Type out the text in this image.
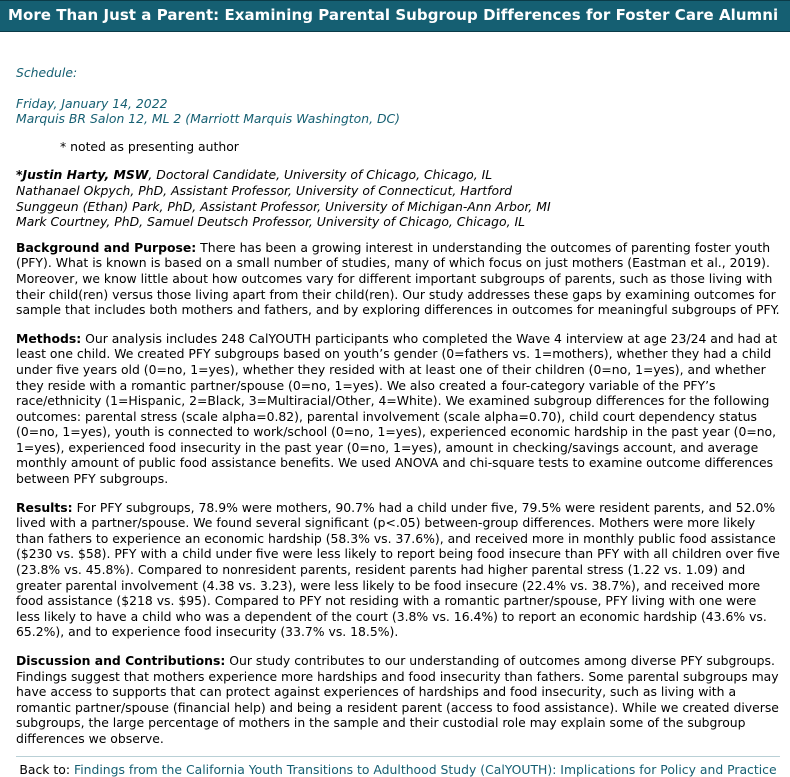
More Than Just a Parent: Examining Parental Subgroup Differences for Foster Care Alumni
Schedule:
Friday, January 14, 2022
Marquis BR Salon 12, ML 2 (Marriott Marquis Washington, DC)
* noted as presenting author
*Justin Harty, MSW, Doctoral Candidate, University of Chicago, Chicago, IL
Nathanael Okpych, PhD, Assistant Professor, University of Connecticut, Hartford
Sunggeun (Ethan) Park, PhD, Assistant Professor, University of Michigan-Ann Arbor, MI
Mark Courtney, PhD, Samuel Deutsch Professor, University of Chicago, Chicago, IL

Background and Purpose: There has been a growing interest in understanding the outcomes of parenting foster youth (PFY). What is known is based on a small number of studies, many of which focus on just mothers (Eastman et al., 2019). Moreover, we know little about how outcomes vary for different important subgroups of parents, such as those living with their child(ren) versus those living apart from their child(ren). Our study addresses these gaps by examining outcomes for sample that includes both mothers and fathers, and by exploring differences in outcomes for meaningful subgroups of PFY.

Methods: Our analysis includes 248 CalYOUTH participants who completed the Wave 4 interview at age 23/24 and had at least one child. We created PFY subgroups based on youth’s gender (0=fathers vs. 1=mothers), whether they had a child under five years old (0=no, 1=yes), whether they resided with at least one of their children (0=no, 1=yes), and whether they reside with a romantic partner/spouse (0=no, 1=yes). We also created a four-category variable of the PFY’s race/ethnicity (1=Hispanic, 2=Black, 3=Multiracial/Other, 4=White). We examined subgroup differences for the following outcomes: parental stress (scale alpha=0.82), parental involvement (scale alpha=0.70), child court dependency status (0=no, 1=yes), youth is connected to work/school (0=no, 1=yes), experienced economic hardship in the past year (0=no, 1=yes), experienced food insecurity in the past year (0=no, 1=yes), amount in checking/savings account, and average monthly amount of public food assistance benefits. We used ANOVA and chi-square tests to examine outcome differences between PFY subgroups.

Results: For PFY subgroups, 78.9% were mothers, 90.7% had a child under five, 79.5% were resident parents, and 52.0% lived with a partner/spouse. We found several significant (p<.05) between-group differences. Mothers were more likely than fathers to experience an economic hardship (58.3% vs. 37.6%), and received more in monthly public food assistance ($230 vs. $58). PFY with a child under five were less likely to report being food insecure than PFY with all children over five (23.8% vs. 45.8%). Compared to nonresident parents, resident parents had higher parental stress (1.22 vs. 1.09) and greater parental involvement (4.38 vs. 3.23), were less likely to be food insecure (22.4% vs. 38.7%), and received more food assistance ($218 vs. $95). Compared to PFY not residing with a romantic partner/spouse, PFY living with one were less likely to have a child who was a dependent of the court (3.8% vs. 16.4%) to report an economic hardship (43.6% vs. 65.2%), and to experience food insecurity (33.7% vs. 18.5%).

Discussion and Contributions: Our study contributes to our understanding of outcomes among diverse PFY subgroups. Findings suggest that mothers experience more hardships and food insecurity than fathers. Some parental subgroups may have access to supports that can protect against experiences of hardships and food insecurity, such as living with a romantic partner/spouse (financial help) and being a resident parent (access to food assistance). While we created diverse subgroups, the large percentage of mothers in the sample and their custodial role may explain some of the subgroup differences we observe.

Back to: Findings from the California Youth Transitions to Adulthood Study (CalYOUTH): Implications for Policy and Practice
